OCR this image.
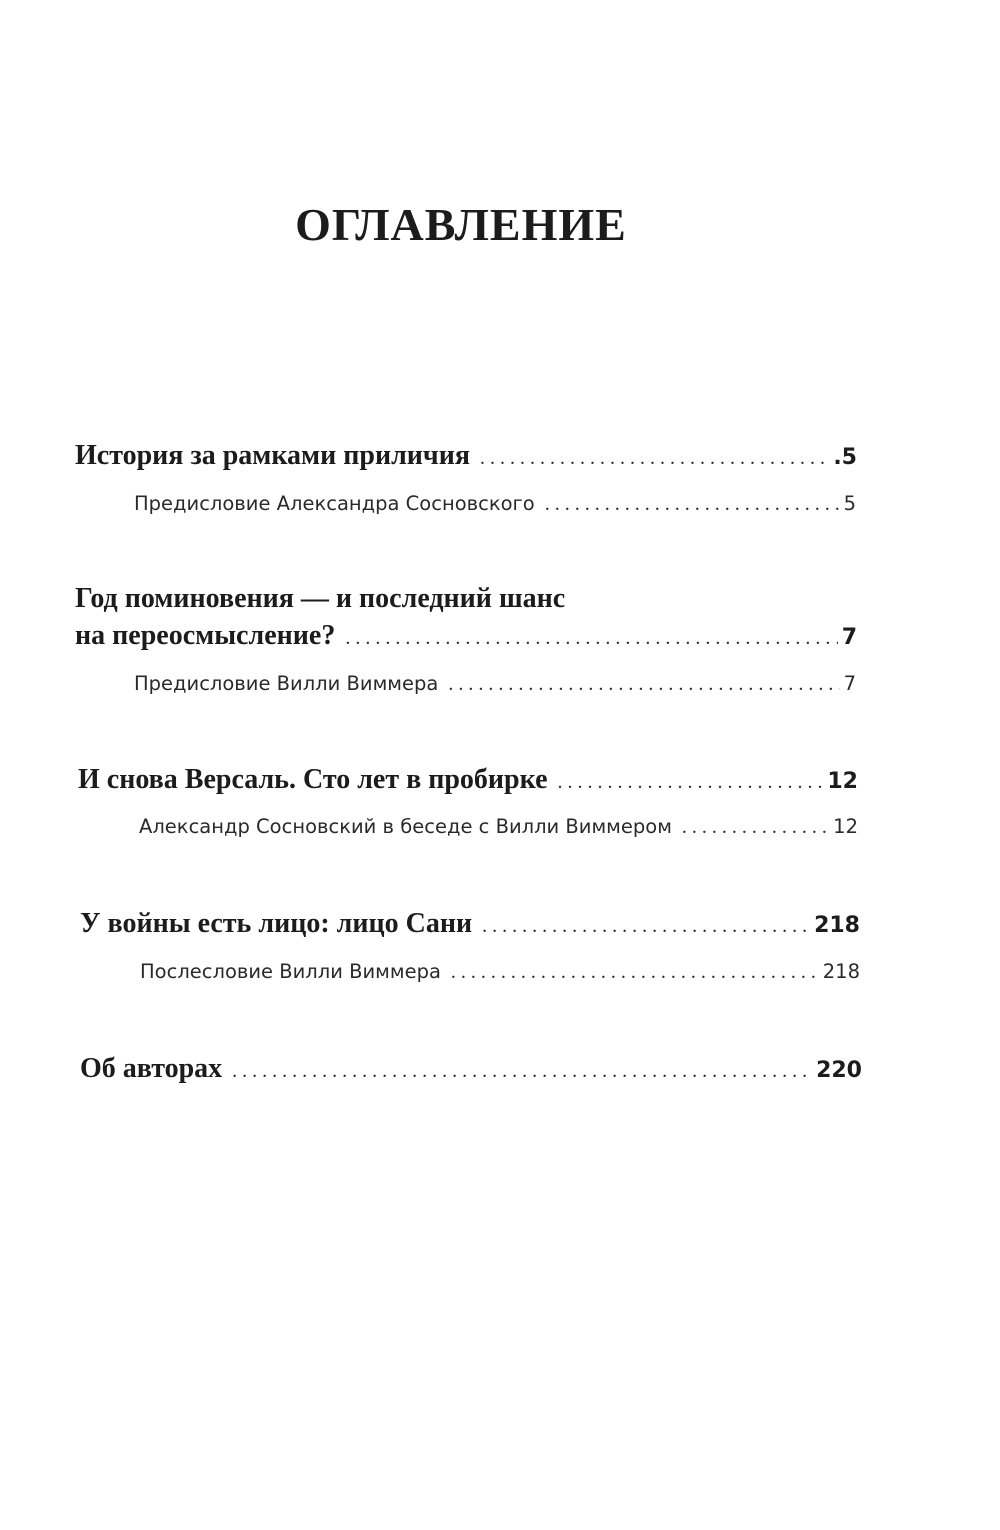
ОГЛАВЛЕНИЕ
История за рамками приличия . . .	.5
Предисловие Александра Сосновского . . .	5
Год поминовения — и последний шанс
на переосмысление? . . .	7
Предисловие Вилли Виммера . . .	7
И снова Версаль. Сто лет в пробирке . . .	12
Александр Сосновский в беседе с Вилли Виммером . . .	12
У войны есть лицо: лицо Сани . . .	218
Послесловие Вилли Виммера . . .	218
Об авторах . . .	220
